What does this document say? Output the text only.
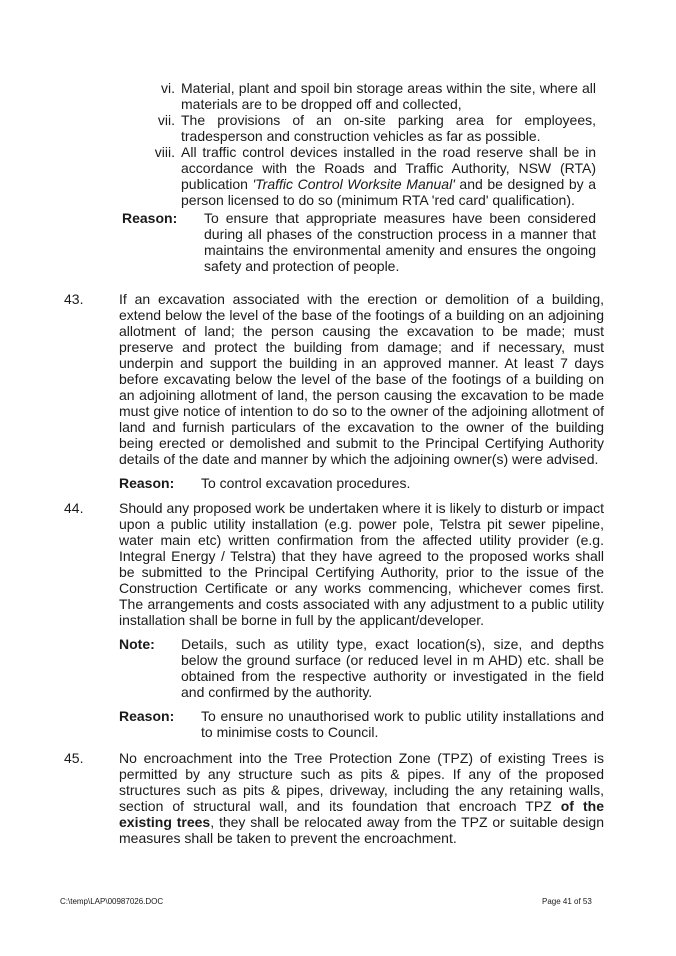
vi. Material, plant and spoil bin storage areas within the site, where all materials are to be dropped off and collected,
vii. The provisions of an on-site parking area for employees, tradesperson and construction vehicles as far as possible.
viii. All traffic control devices installed in the road reserve shall be in accordance with the Roads and Traffic Authority, NSW (RTA) publication 'Traffic Control Worksite Manual' and be designed by a person licensed to do so (minimum RTA 'red card' qualification).
Reason:	To ensure that appropriate measures have been considered during all phases of the construction process in a manner that maintains the environmental amenity and ensures the ongoing safety and protection of people.
43.	If an excavation associated with the erection or demolition of a building, extend below the level of the base of the footings of a building on an adjoining allotment of land; the person causing the excavation to be made; must preserve and protect the building from damage; and if necessary, must underpin and support the building in an approved manner. At least 7 days before excavating below the level of the base of the footings of a building on an adjoining allotment of land, the person causing the excavation to be made must give notice of intention to do so to the owner of the adjoining allotment of land and furnish particulars of the excavation to the owner of the building being erected or demolished and submit to the Principal Certifying Authority details of the date and manner by which the adjoining owner(s) were advised.
Reason:	To control excavation procedures.
44.	Should any proposed work be undertaken where it is likely to disturb or impact upon a public utility installation (e.g. power pole, Telstra pit sewer pipeline, water main etc) written confirmation from the affected utility provider (e.g. Integral Energy / Telstra) that they have agreed to the proposed works shall be submitted to the Principal Certifying Authority, prior to the issue of the Construction Certificate or any works commencing, whichever comes first. The arrangements and costs associated with any adjustment to a public utility installation shall be borne in full by the applicant/developer.
Note:	Details, such as utility type, exact location(s), size, and depths below the ground surface (or reduced level in m AHD) etc. shall be obtained from the respective authority or investigated in the field and confirmed by the authority.
Reason:	To ensure no unauthorised work to public utility installations and to minimise costs to Council.
45.	No encroachment into the Tree Protection Zone (TPZ) of existing Trees is permitted by any structure such as pits & pipes. If any of the proposed structures such as pits & pipes, driveway, including the any retaining walls, section of structural wall, and its foundation that encroach TPZ of the existing trees, they shall be relocated away from the TPZ or suitable design measures shall be taken to prevent the encroachment.
C:\temp\LAP\00987026.DOC	Page 41 of 53
